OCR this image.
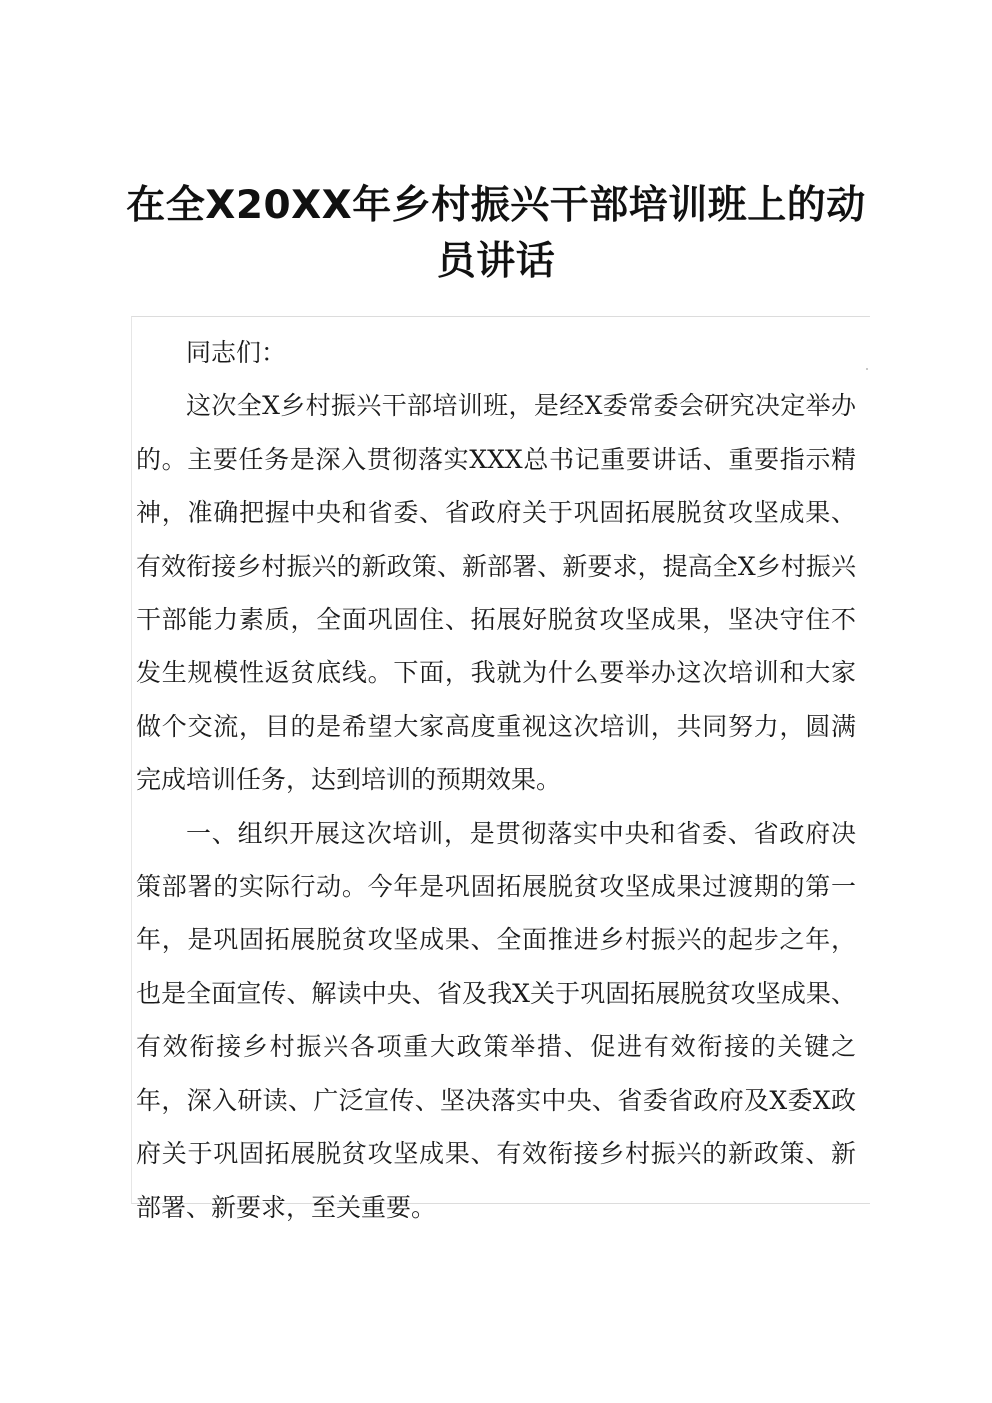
在全X20XX年乡村振兴干部培训班上的动员讲话

同志们：

这次全X乡村振兴干部培训班，是经X委常委会研究决定举办的。主要任务是深入贯彻落实XXX总书记重要讲话、重要指示精神，准确把握中央和省委、省政府关于巩固拓展脱贫攻坚成果、有效衔接乡村振兴的新政策、新部署、新要求，提高全X乡村振兴干部能力素质，全面巩固住、拓展好脱贫攻坚成果，坚决守住不发生规模性返贫底线。下面，我就为什么要举办这次培训和大家做个交流，目的是希望大家高度重视这次培训，共同努力，圆满完成培训任务，达到培训的预期效果。

一、组织开展这次培训，是贯彻落实中央和省委、省政府决策部署的实际行动。今年是巩固拓展脱贫攻坚成果过渡期的第一年，是巩固拓展脱贫攻坚成果、全面推进乡村振兴的起步之年，也是全面宣传、解读中央、省及我X关于巩固拓展脱贫攻坚成果、有效衔接乡村振兴各项重大政策举措、促进有效衔接的关键之年，深入研读、广泛宣传、坚决落实中央、省委省政府及X委X政府关于巩固拓展脱贫攻坚成果、有效衔接乡村振兴的新政策、新部署、新要求，至关重要。
